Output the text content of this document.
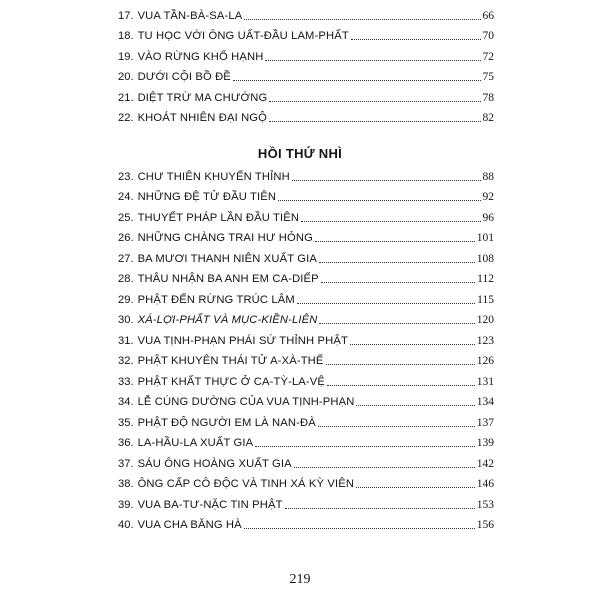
17. VUA TẦN-BÀ-SA-LA	66
18. TU HỌC VỚI ÔNG UẤT-ĐẦU LAM-PHẤT	70
19. VÀO RỪNG KHỔ HẠNH	72
20. DƯỚI CỘI BỒ ĐỀ	75
21. DIỆT TRỪ MA CHƯỚNG	78
22. KHOÁT NHIÊN ĐẠI NGỘ	82
HỒI THỨ NHÌ
23. CHƯ THIÊN KHUYẾN THỈNH	88
24. NHỮNG ĐỆ TỬ ĐẦU TIÊN	92
25. THUYẾT PHÁP LẦN ĐẦU TIÊN	96
26. NHỮNG CHÀNG TRAI HƯ HỎNG	101
27. BA MƯƠI THANH NIÊN XUẤT GIA	108
28. THÂU NHẬN BA ANH EM CA-DIẾP	112
29. PHẬT ĐẾN RỪNG TRÚC LÂM	115
30. XÁ-LỢI-PHẤT VÀ MỤC-KIỀN-LIÊN	120
31. VUA TỊNH-PHẠN PHÁI SỨ THỈNH PHẬT	123
32. PHẬT KHUYÊN THÁI TỬ A-XÀ-THẾ	126
33. PHẬT KHẤT THỰC Ở CA-TỲ-LA-VỆ	131
34. LỄ CÚNG DƯỜNG CỦA VUA TỊNH-PHẠN	134
35. PHẬT ĐỘ NGƯỜI EM LÀ NAN-ĐÀ	137
36. LA-HẦU-LA XUẤT GIA	139
37. SÁU ÔNG HOÀNG XUẤT GIA	142
38. ÔNG CẤP CÔ ĐỘC VÀ TINH XÁ KỲ VIÊN	146
39. VUA BA-TƯ-NẶC TIN PHẬT	153
40. VUA CHA BĂNG HÀ	156
219
